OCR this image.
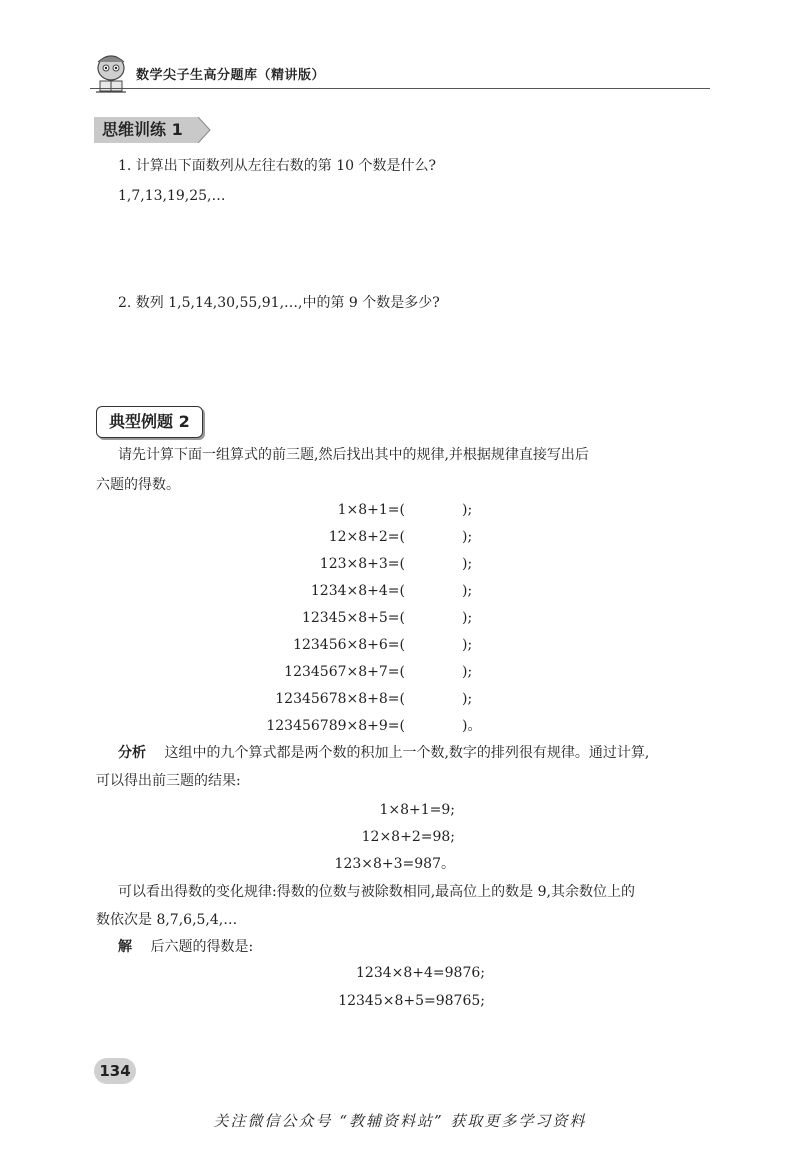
数学尖子生高分题库（精讲版）
思维训练 1
1. 计算出下面数列从左往右数的第 10 个数是什么?
1,7,13,19,25,…
2. 数列 1,5,14,30,55,91,…,中的第 9 个数是多少?
典型例题 2
请先计算下面一组算式的前三题,然后找出其中的规律,并根据规律直接写出后
六题的得数。
1×8+1=(	);
12×8+2=(	);
123×8+3=(	);
1234×8+4=(	);
12345×8+5=(	);
123456×8+6=(	);
1234567×8+7=(	);
12345678×8+8=(	);
123456789×8+9=(	)。
分析 这组中的九个算式都是两个数的积加上一个数,数字的排列很有规律。通过计算,
可以得出前三题的结果:
1×8+1=9;
12×8+2=98;
123×8+3=987。
可以看出得数的变化规律:得数的位数与被除数相同,最高位上的数是 9,其余数位上的
数依次是 8,7,6,5,4,…
解 后六题的得数是:
1234×8+4=9876;
12345×8+5=98765;
134
关注微信公众号 “教辅资料站” 获取更多学习资料
